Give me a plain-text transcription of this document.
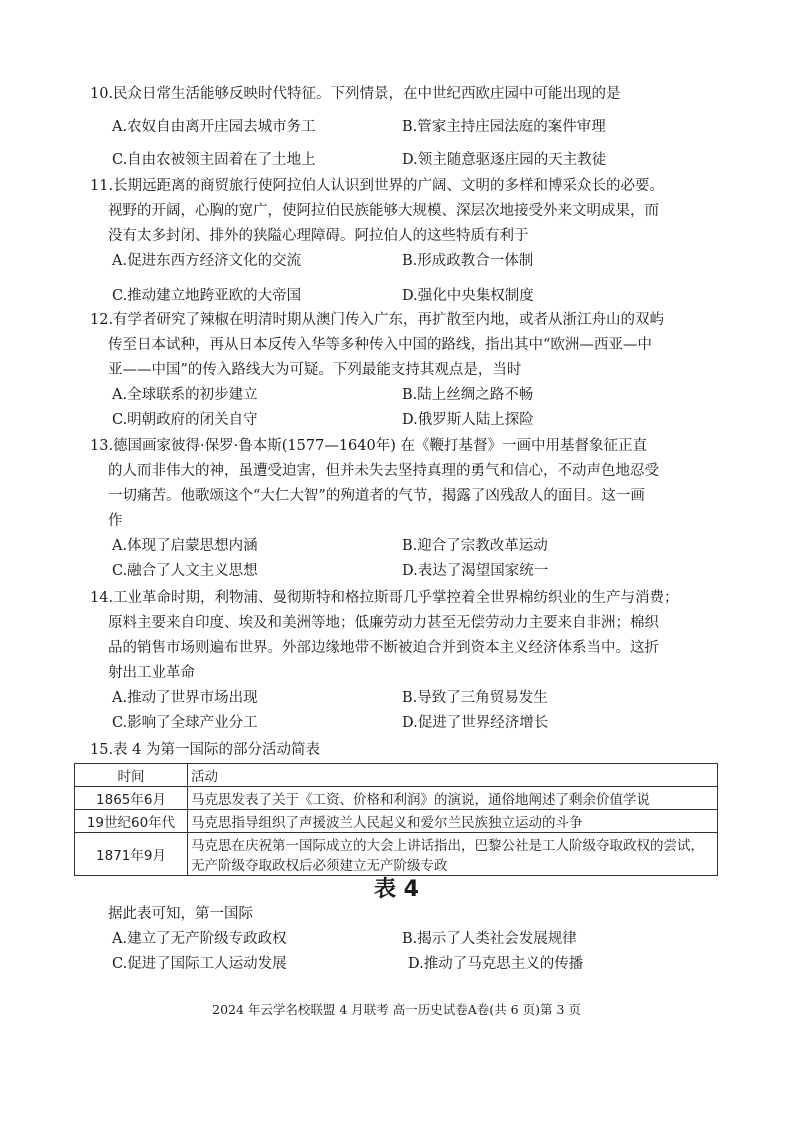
10.民众日常生活能够反映时代特征。下列情景，在中世纪西欧庄园中可能出现的是

A.农奴自由离开庄园去城市务工	B.管家主持庄园法庭的案件审理
C.自由农被领主固着在了土地上	D.领主随意驱逐庄园的天主教徒

11.长期远距离的商贸旅行使阿拉伯人认识到世界的广阔、文明的多样和博采众长的必要。

视野的开阔，心胸的宽广，使阿拉伯民族能够大规模、深层次地接受外来文明成果，而

没有太多封闭、排外的狭隘心理障碍。阿拉伯人的这些特质有利于

A.促进东西方经济文化的交流	B.形成政教合一体制
C.推动建立地跨亚欧的大帝国	D.强化中央集权制度

12.有学者研究了辣椒在明清时期从澳门传入广东，再扩散至内地，或者从浙江舟山的双屿

传至日本试种，再从日本反传入华等多种传入中国的路线，指出其中“欧洲—西亚—中

亚——中国”的传入路线大为可疑。下列最能支持其观点是，当时

A.全球联系的初步建立	B.陆上丝绸之路不畅
C.明朝政府的闭关自守	D.俄罗斯人陆上探险

13.德国画家彼得·保罗·鲁本斯(1577—1640年) 在《鞭打基督》一画中用基督象征正直

的人而非伟大的神，虽遭受迫害，但并未失去坚持真理的勇气和信心，不动声色地忍受

一切痛苦。他歌颂这个“大仁大智”的殉道者的气节，揭露了凶残敌人的面目。这一画

作

A.体现了启蒙思想内涵	B.迎合了宗教改革运动
C.融合了人文主义思想	D.表达了渴望国家统一

14.工业革命时期，利物浦、曼彻斯特和格拉斯哥几乎掌控着全世界棉纺织业的生产与消费；

原料主要来自印度、埃及和美洲等地；低廉劳动力甚至无偿劳动力主要来自非洲；棉织

品的销售市场则遍布世界。外部边缘地带不断被迫合并到资本主义经济体系当中。这折

射出工业革命

A.推动了世界市场出现	B.导致了三角贸易发生
C.影响了全球产业分工	D.促进了世界经济增长

15.表 4 为第一国际的部分活动简表

时间	活动
1865年6月	马克思发表了关于《工资、价格和利润》的演说，通俗地阐述了剩余价值学说
19世纪60年代	马克思指导组织了声援波兰人民起义和爱尔兰民族独立运动的斗争
1871年9月	马克思在庆祝第一国际成立的大会上讲话指出，巴黎公社是工人阶级夺取政权的尝试，无产阶级夺取政权后必须建立无产阶级专政
表 4

据此表可知，第一国际

A.建立了无产阶级专政政权	B.揭示了人类社会发展规律
C.促进了国际工人运动发展	D.推动了马克思主义的传播
2024 年云学名校联盟 4 月联考 高一历史试卷A卷(共 6 页)第 3 页
